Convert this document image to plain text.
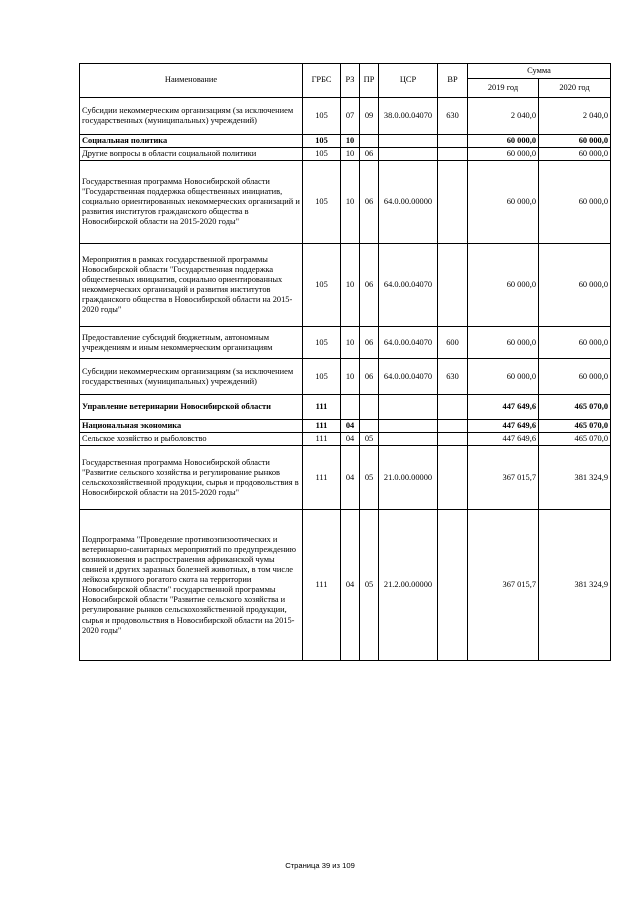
Наименование	ГРБС	РЗ	ПР	ЦСР	ВР	Сумма	
						2019 год	2020 год
Субсидии некоммерческим организациям (за исключением государственных (муниципальных) учреждений)	105	07	09	38.0.00.04070	630	2 040,0	2 040,0
Социальная политика	105	10				60 000,0	60 000,0
Другие вопросы в области социальной политики	105	10	06			60 000,0	60 000,0
Государственная программа Новосибирской области "Государственная поддержка общественных инициатив, социально ориентированных некоммерческих организаций и развития институтов гражданского общества в Новосибирской области на 2015-2020 годы"	105	10	06	64.0.00.00000		60 000,0	60 000,0
Мероприятия в рамках государственной программы Новосибирской области "Государственная поддержка общественных инициатив, социально ориентированных некоммерческих организаций и развития институтов гражданского общества в Новосибирской области на 2015-2020 годы"	105	10	06	64.0.00.04070		60 000,0	60 000,0
Предоставление субсидий бюджетным, автономным учреждениям и иным некоммерческим организациям	105	10	06	64.0.00.04070	600	60 000,0	60 000,0
Субсидии некоммерческим организациям (за исключением государственных (муниципальных) учреждений)	105	10	06	64.0.00.04070	630	60 000,0	60 000,0
Управление ветеринарии Новосибирской области	111					447 649,6	465 070,0
Национальная экономика	111	04				447 649,6	465 070,0
Сельское хозяйство и рыболовство	111	04	05			447 649,6	465 070,0
Государственная программа Новосибирской области "Развитие сельского хозяйства и регулирование рынков сельскохозяйственной продукции, сырья и продовольствия в Новосибирской области на 2015-2020 годы"	111	04	05	21.0.00.00000		367 015,7	381 324,9
Подпрограмма "Проведение противоэпизоотических и ветеринарно-санитарных мероприятий по предупреждению возникновения и распространения африканской чумы свиней и других заразных болезней животных, в том числе лейкоза крупного рогатого скота на территории Новосибирской области" государственной программы Новосибирской области "Развитие сельского хозяйства и регулирование рынков сельскохозяйственной продукции, сырья и продовольствия в Новосибирской области на 2015-2020 годы"	111	04	05	21.2.00.00000		367 015,7	381 324,9
Страница 39 из 109
